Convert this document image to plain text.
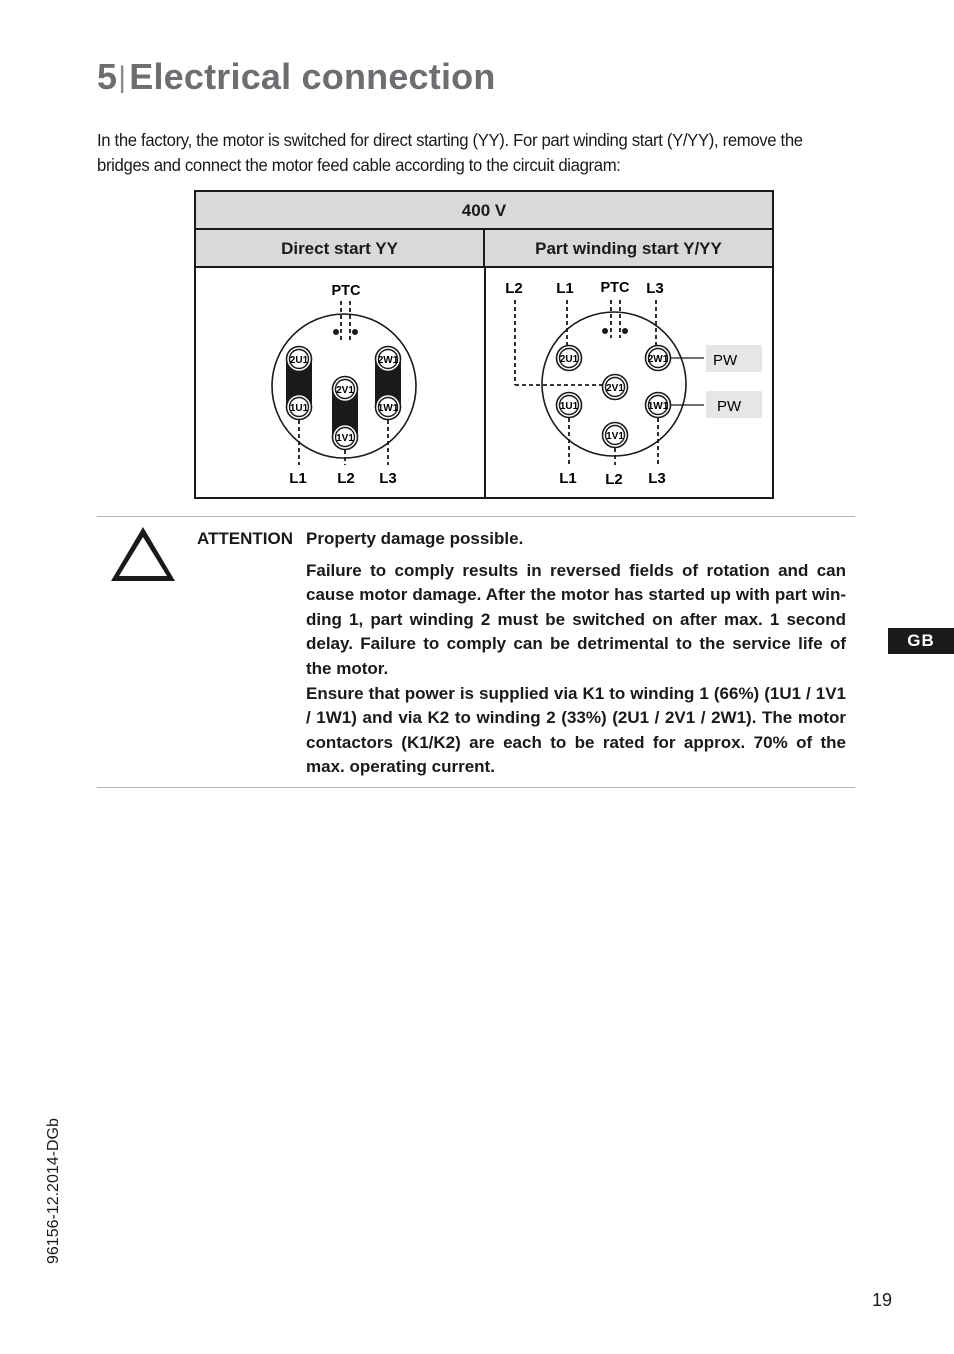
5|Electrical connection

In the factory, the motor is switched for direct starting (YY). For part winding start (Y/YY), remove the bridges and connect the motor feed cable according to the circuit diagram:

400 V
Direct start YY	Part winding start Y/YY
PTC
2U1	2W1
2V1
1U1	1W1
1V1
L1 L2 L3
L2 L1 PTC L3
2U1	2W1
2V1
1U1	1W1
1V1
L1 L2 L3
PW
PW

ATTENTION Property damage possible.

Failure to comply results in reversed fields of rotation and can cause motor damage. After the motor has started up with part win-ding 1, part winding 2 must be switched on after max. 1 second delay. Failure to comply can be detrimental to the service life of the motor.

Ensure that power is supplied via K1 to winding 1 (66%) (1U1 / 1V1 / 1W1) and via K2 to winding 2 (33%) (2U1 / 2V1 / 2W1). The motor contactors (K1/K2) are each to be rated for approx. 70% of the max. operating current.

GB
96156-12.2014-DGb
19
